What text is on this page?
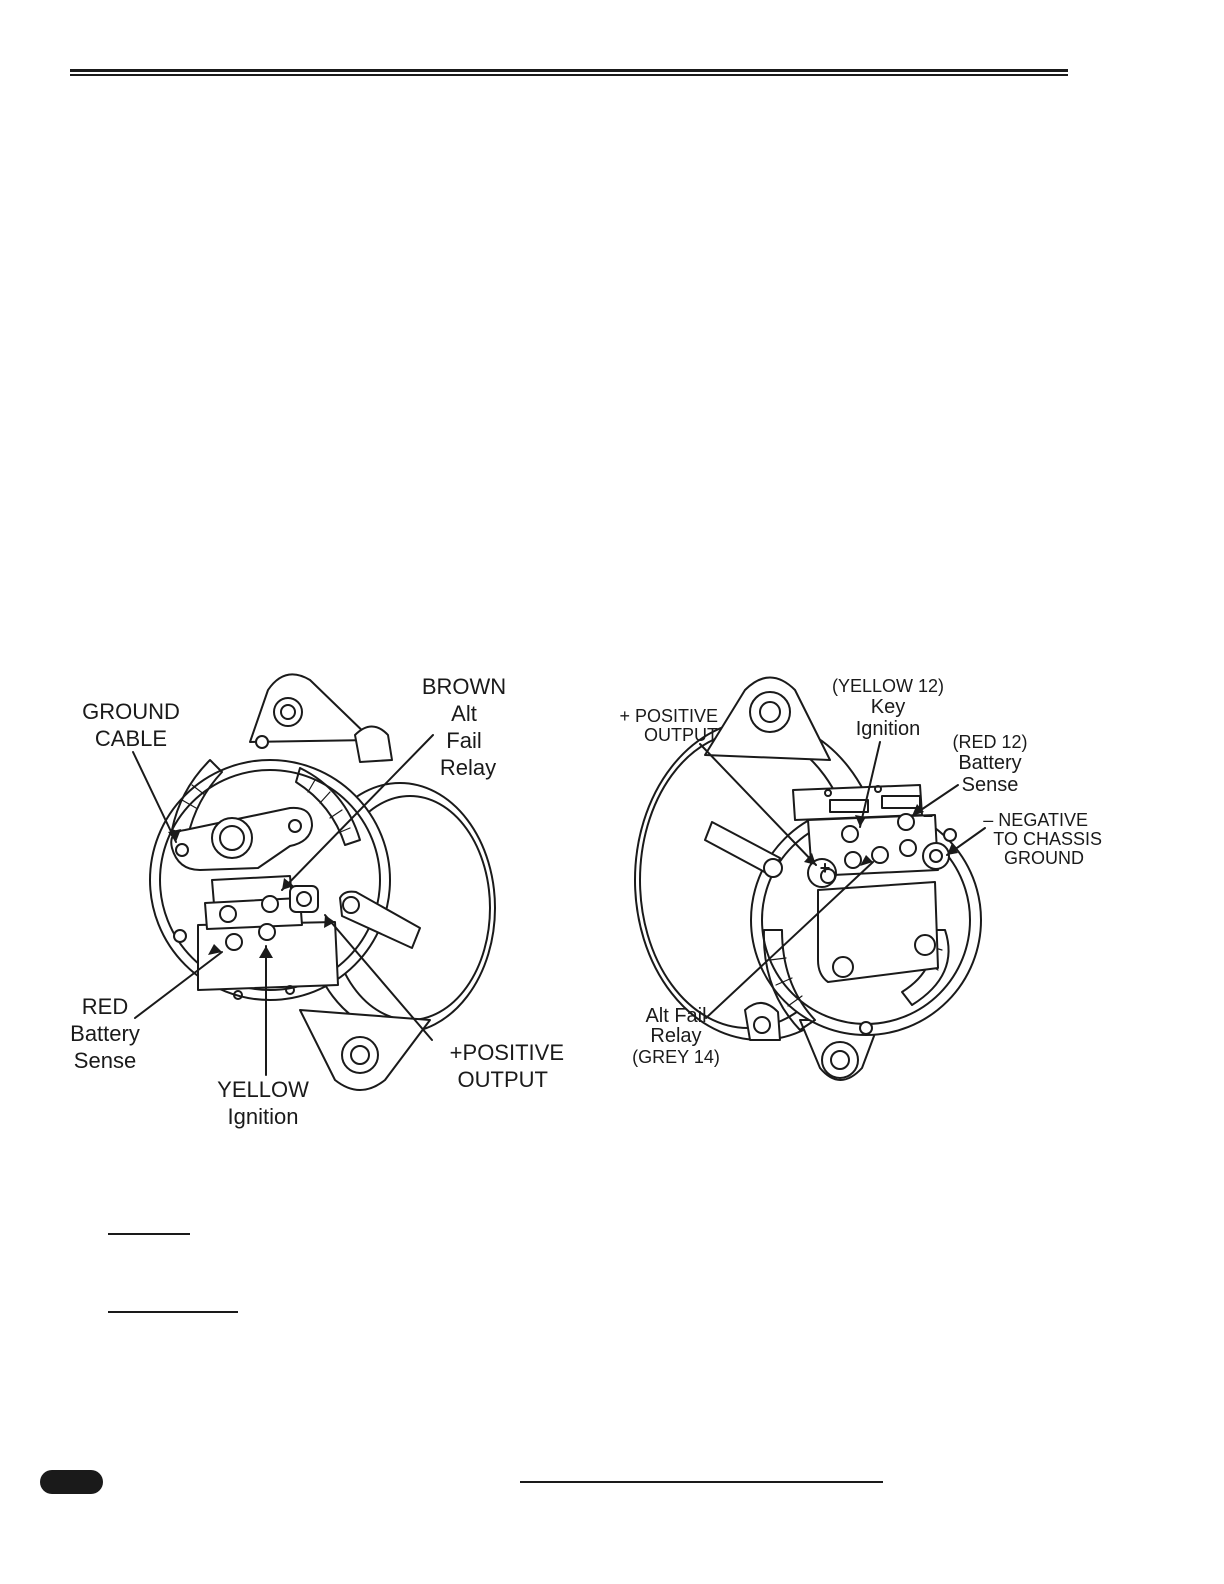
GROUND
CABLE
BROWN
Alt
Fail
Relay
RED
Battery
Sense
YELLOW
Ignition
+POSITIVE
OUTPUT
+ POSITIVE
OUTPUT
(YELLOW 12)
Key
Ignition
(RED 12)
Battery
Sense
– NEGATIVE
TO CHASSIS
GROUND
Alt Fail
Relay
(GREY 14)
+
–
